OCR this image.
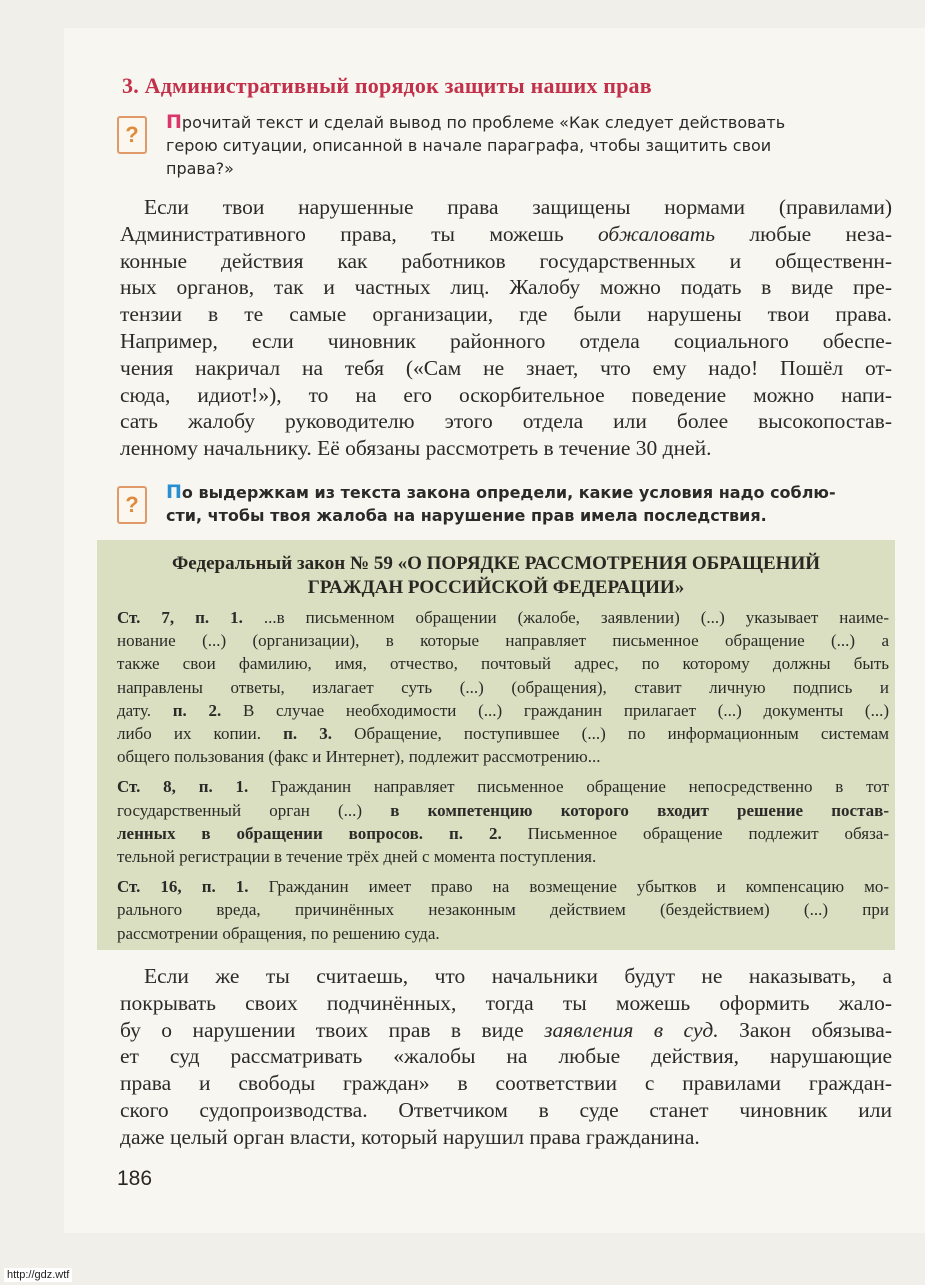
3. Административный порядок защиты наших прав
?	Прочитай текст и сделай вывод по проблеме «Как следует действовать
герою ситуации, описанной в начале параграфа, чтобы защитить свои
права?»
Если твои нарушенные права защищены нормами (правилами)
Административного права, ты можешь обжаловать любые неза-
конные действия как работников государственных и общественн-
ных органов, так и частных лиц. Жалобу можно подать в виде пре-
тензии в те самые организации, где были нарушены твои права.
Например, если чиновник районного отдела социального обеспе-
чения накричал на тебя («Сам не знает, что ему надо! Пошёл от-
сюда, идиот!»), то на его оскорбительное поведение можно напи-
сать жалобу руководителю этого отдела или более высокопостав-
ленному начальнику. Её обязаны рассмотреть в течение 30 дней.
?	По выдержкам из текста закона определи, какие условия надо соблю-
сти, чтобы твоя жалоба на нарушение прав имела последствия.
Федеральный закон № 59 «О ПОРЯДКЕ РАССМОТРЕНИЯ ОБРАЩЕНИЙ
ГРАЖДАН РОССИЙСКОЙ ФЕДЕРАЦИИ»
Ст. 7, п. 1. ...в письменном обращении (жалобе, заявлении) (...) указывает наиме-
нование (...) (организации), в которые направляет письменное обращение (...) а
также свои фамилию, имя, отчество, почтовый адрес, по которому должны быть
направлены ответы, излагает суть (...) (обращения), ставит личную подпись и
дату. п. 2. В случае необходимости (...) гражданин прилагает (...) документы (...)
либо их копии. п. 3. Обращение, поступившее (...) по информационным системам
общего пользования (факс и Интернет), подлежит рассмотрению...
Ст. 8, п. 1. Гражданин направляет письменное обращение непосредственно в тот
государственный орган (...) в компетенцию которого входит решение постав-
ленных в обращении вопросов. п. 2. Письменное обращение подлежит обяза-
тельной регистрации в течение трёх дней с момента поступления.
Ст. 16, п. 1. Гражданин имеет право на возмещение убытков и компенсацию мо-
рального вреда, причинённых незаконным действием (бездействием) (...) при
рассмотрении обращения, по решению суда.
Если же ты считаешь, что начальники будут не наказывать, а
покрывать своих подчинённых, тогда ты можешь оформить жало-
бу о нарушении твоих прав в виде заявления в суд. Закон обязыва-
ет суд рассматривать «жалобы на любые действия, нарушающие
права и свободы граждан» в соответствии с правилами граждан-
ского судопроизводства. Ответчиком в суде станет чиновник или
даже целый орган власти, который нарушил права гражданина.
186
http://gdz.wtf
